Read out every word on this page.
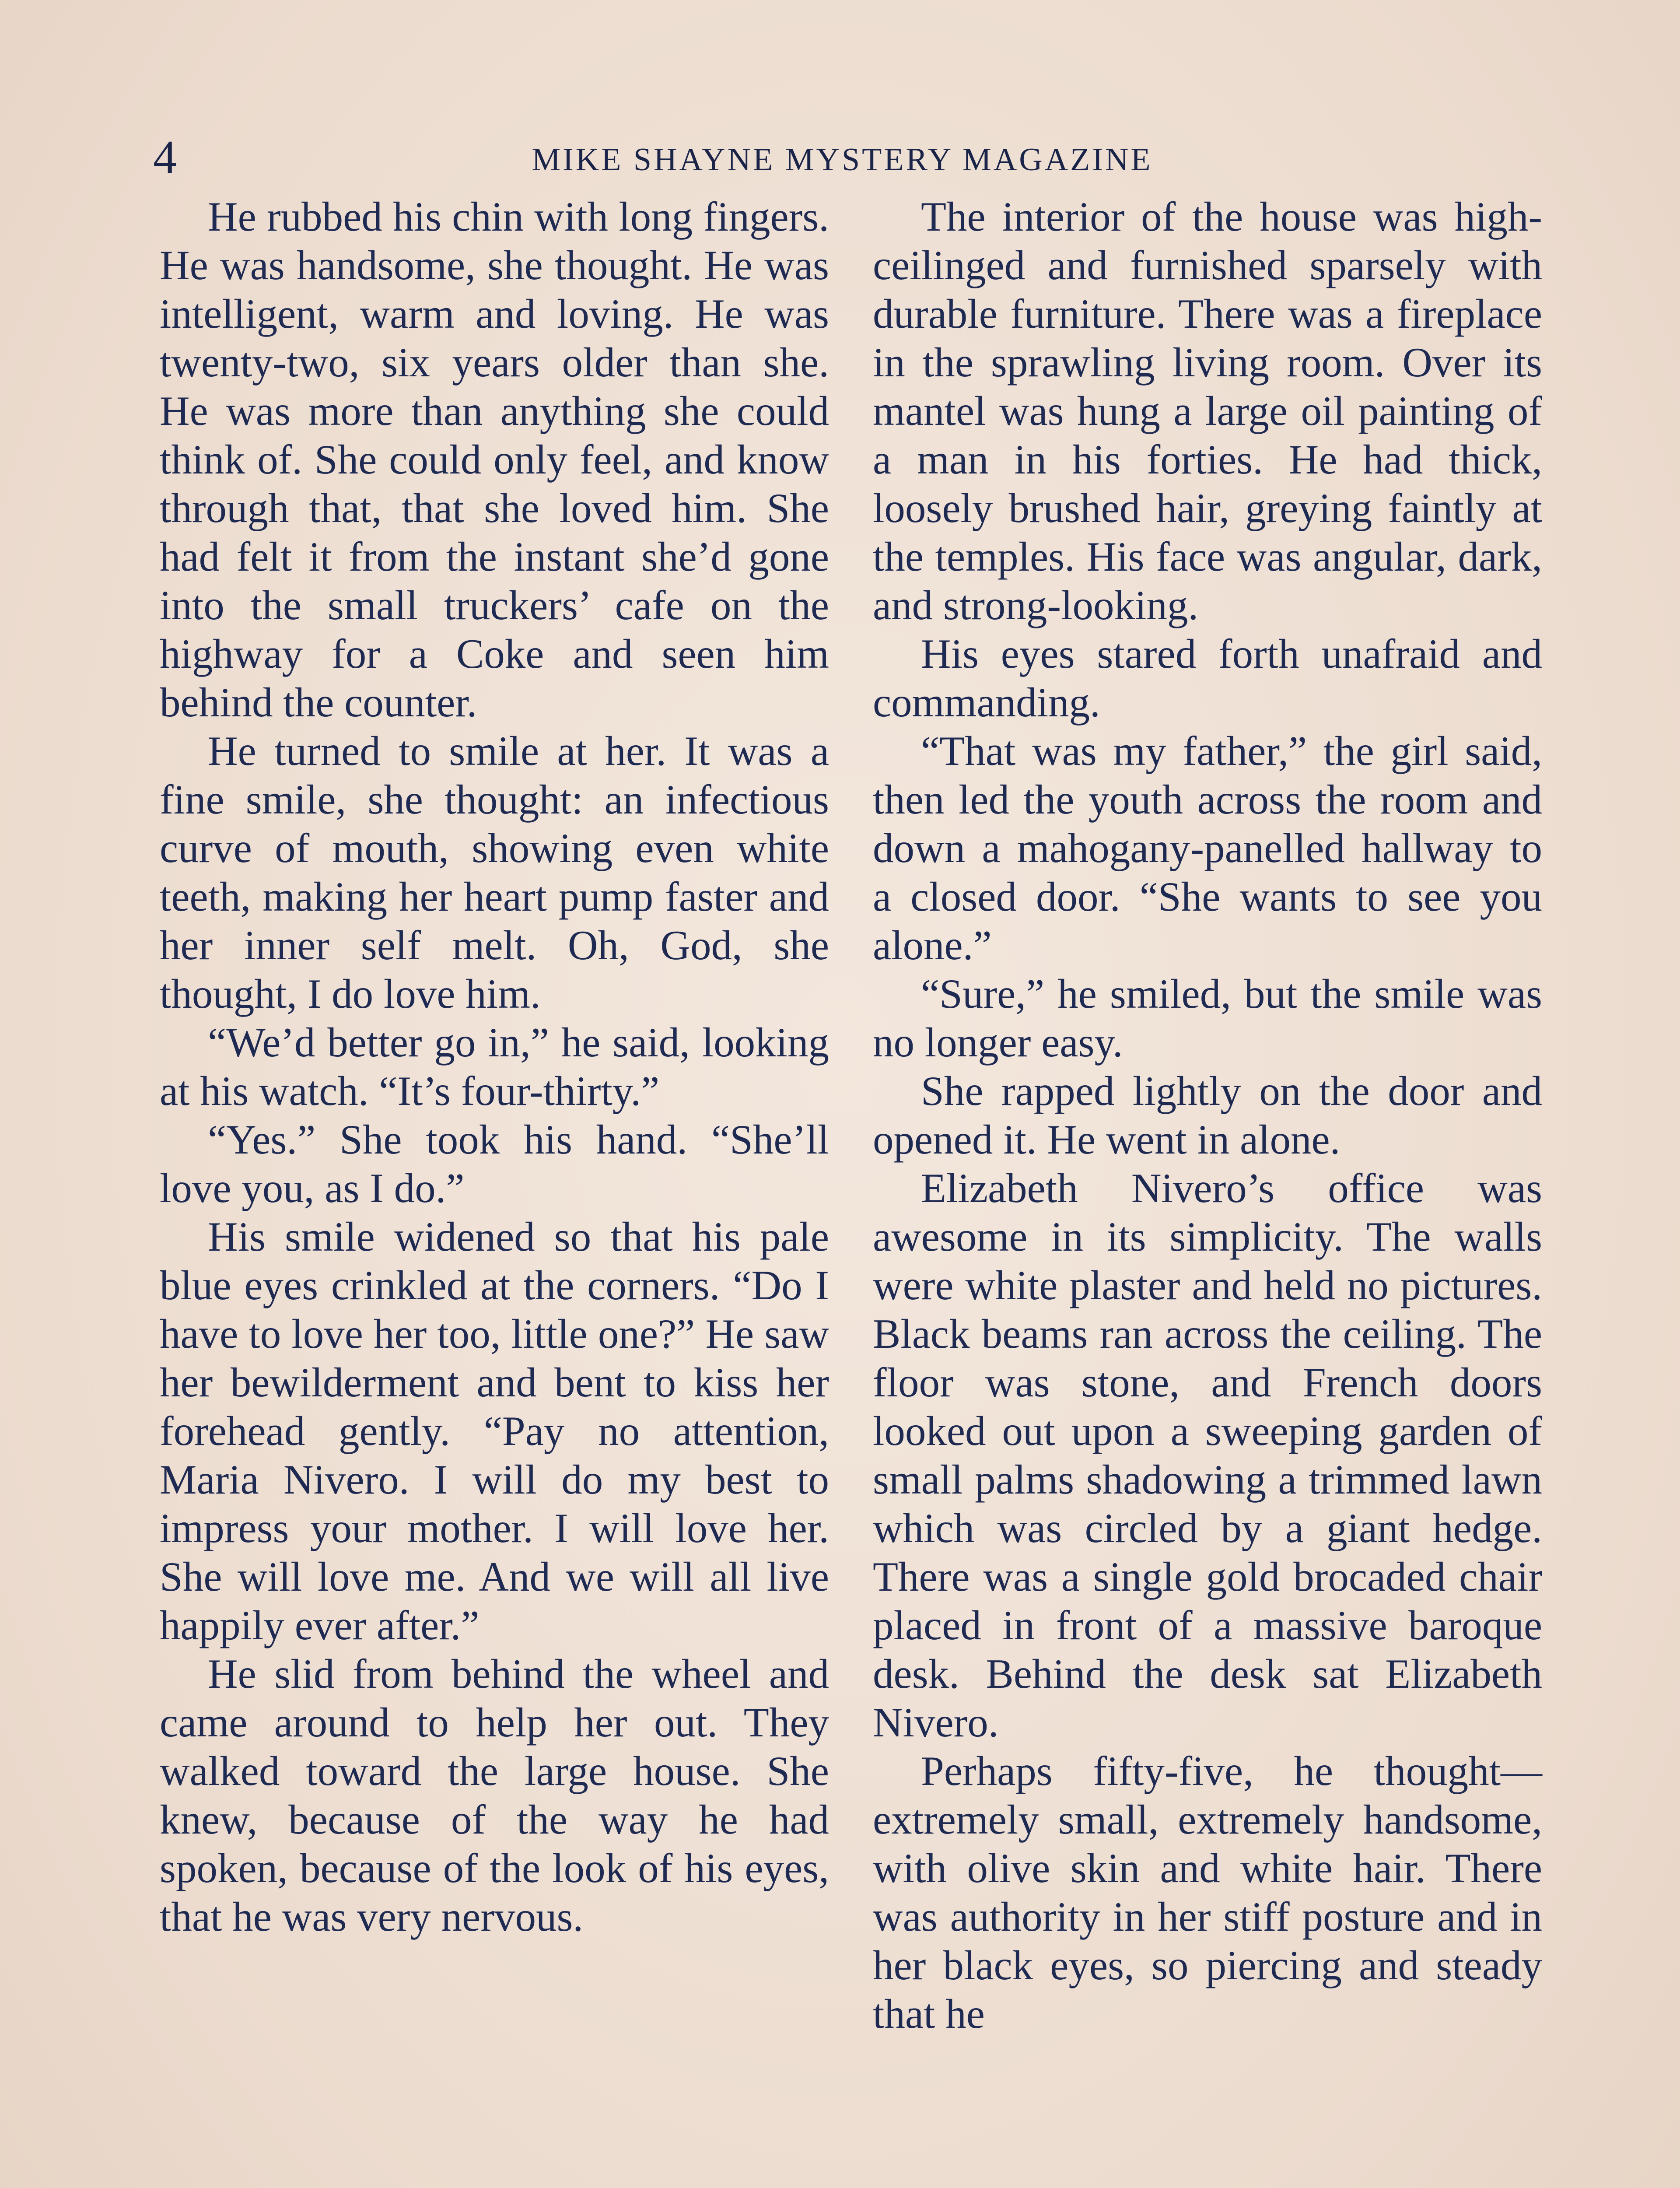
4	MIKE SHAYNE MYSTERY MAGAZINE

He rubbed his chin with long fingers. He was handsome, she thought. He was intelligent, warm and loving. He was twenty-two, six years older than she. He was more than anything she could think of. She could only feel, and know through that, that she loved him. She had felt it from the instant she’d gone into the small truckers’ cafe on the highway for a Coke and seen him behind the counter.

He turned to smile at her. It was a fine smile, she thought: an infectious curve of mouth, showing even white teeth, making her heart pump faster and her inner self melt. Oh, God, she thought, I do love him.

“We’d better go in,” he said, looking at his watch. “It’s four-thirty.”

“Yes.” She took his hand. “She’ll love you, as I do.”

His smile widened so that his pale blue eyes crinkled at the corners. “Do I have to love her too, little one?” He saw her bewilderment and bent to kiss her forehead gently. “Pay no attention, Maria Nivero. I will do my best to impress your mother. I will love her. She will love me. And we will all live happily ever after.”

He slid from behind the wheel and came around to help her out. They walked toward the large house. She knew, because of the way he had spoken, because of the look of his eyes, that he was very nervous.

The interior of the house was high-ceilinged and furnished sparsely with durable furniture. There was a fireplace in the sprawling living room. Over its mantel was hung a large oil painting of a man in his forties. He had thick, loosely brushed hair, greying faintly at the temples. His face was angular, dark, and strong-looking.

His eyes stared forth unafraid and commanding.

“That was my father,” the girl said, then led the youth across the room and down a mahogany-panelled hallway to a closed door. “She wants to see you alone.”

“Sure,” he smiled, but the smile was no longer easy.

She rapped lightly on the door and opened it. He went in alone.

Elizabeth Nivero’s office was awesome in its simplicity. The walls were white plaster and held no pictures. Black beams ran across the ceiling. The floor was stone, and French doors looked out upon a sweeping garden of small palms shadowing a trimmed lawn which was circled by a giant hedge. There was a single gold brocaded chair placed in front of a massive baroque desk. Behind the desk sat Elizabeth Nivero.

Perhaps fifty-five, he thought—extremely small, extremely handsome, with olive skin and white hair. There was authority in her stiff posture and in her black eyes, so piercing and steady that he
